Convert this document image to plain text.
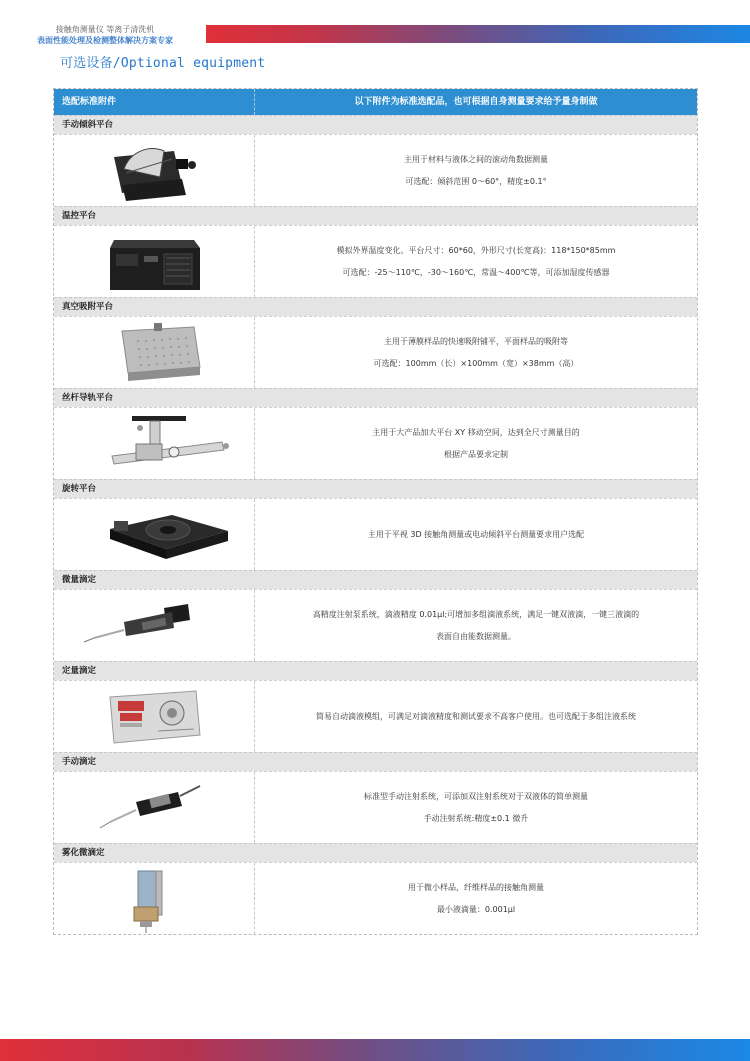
接触角测量仪 等离子清洗机
表面性能处理及检测整体解决方案专家
可选设备/Optional equipment
选配标准附件	以下附件为标准选配品，也可根据自身测量要求给予量身制做
手动倾斜平台
主用于材料与液体之间的滚动角数据测量
可选配：倾斜范围 0～60°，精度±0.1°
温控平台
模拟外界温度变化。平台尺寸：60*60，外形尺寸(长宽高)：118*150*85mm
可选配：-25～110℃，-30～160℃，常温～400℃等，可添加湿度传感器
真空吸附平台
主用于薄膜样品的快速吸附铺平，平面样品的吸附等
可选配：100mm（长）×100mm（宽）×38mm（高）
丝杆导轨平台
主用于大产品加大平台 XY 移动空间，达到全尺寸测量目的
根据产品要求定制
旋转平台
主用于平视 3D 接触角测量或电动倾斜平台测量要求用户选配
微量滴定
高精度注射泵系统，滴液精度 0.01μl;可增加多组滴液系统，满足一键双液滴，一键三液滴的
表面自由能数据测量。
定量滴定
简易自动滴液模组，可满足对滴液精度和测试要求不高客户使用。也可选配于多组注液系统
手动滴定
标准型手动注射系统，可添加双注射系统对于双液体的简单测量
手动注射系统:精度±0.1 微升
雾化微滴定
用于微小样品，纤维样品的接触角测量
最小液滴量：0.001μl
